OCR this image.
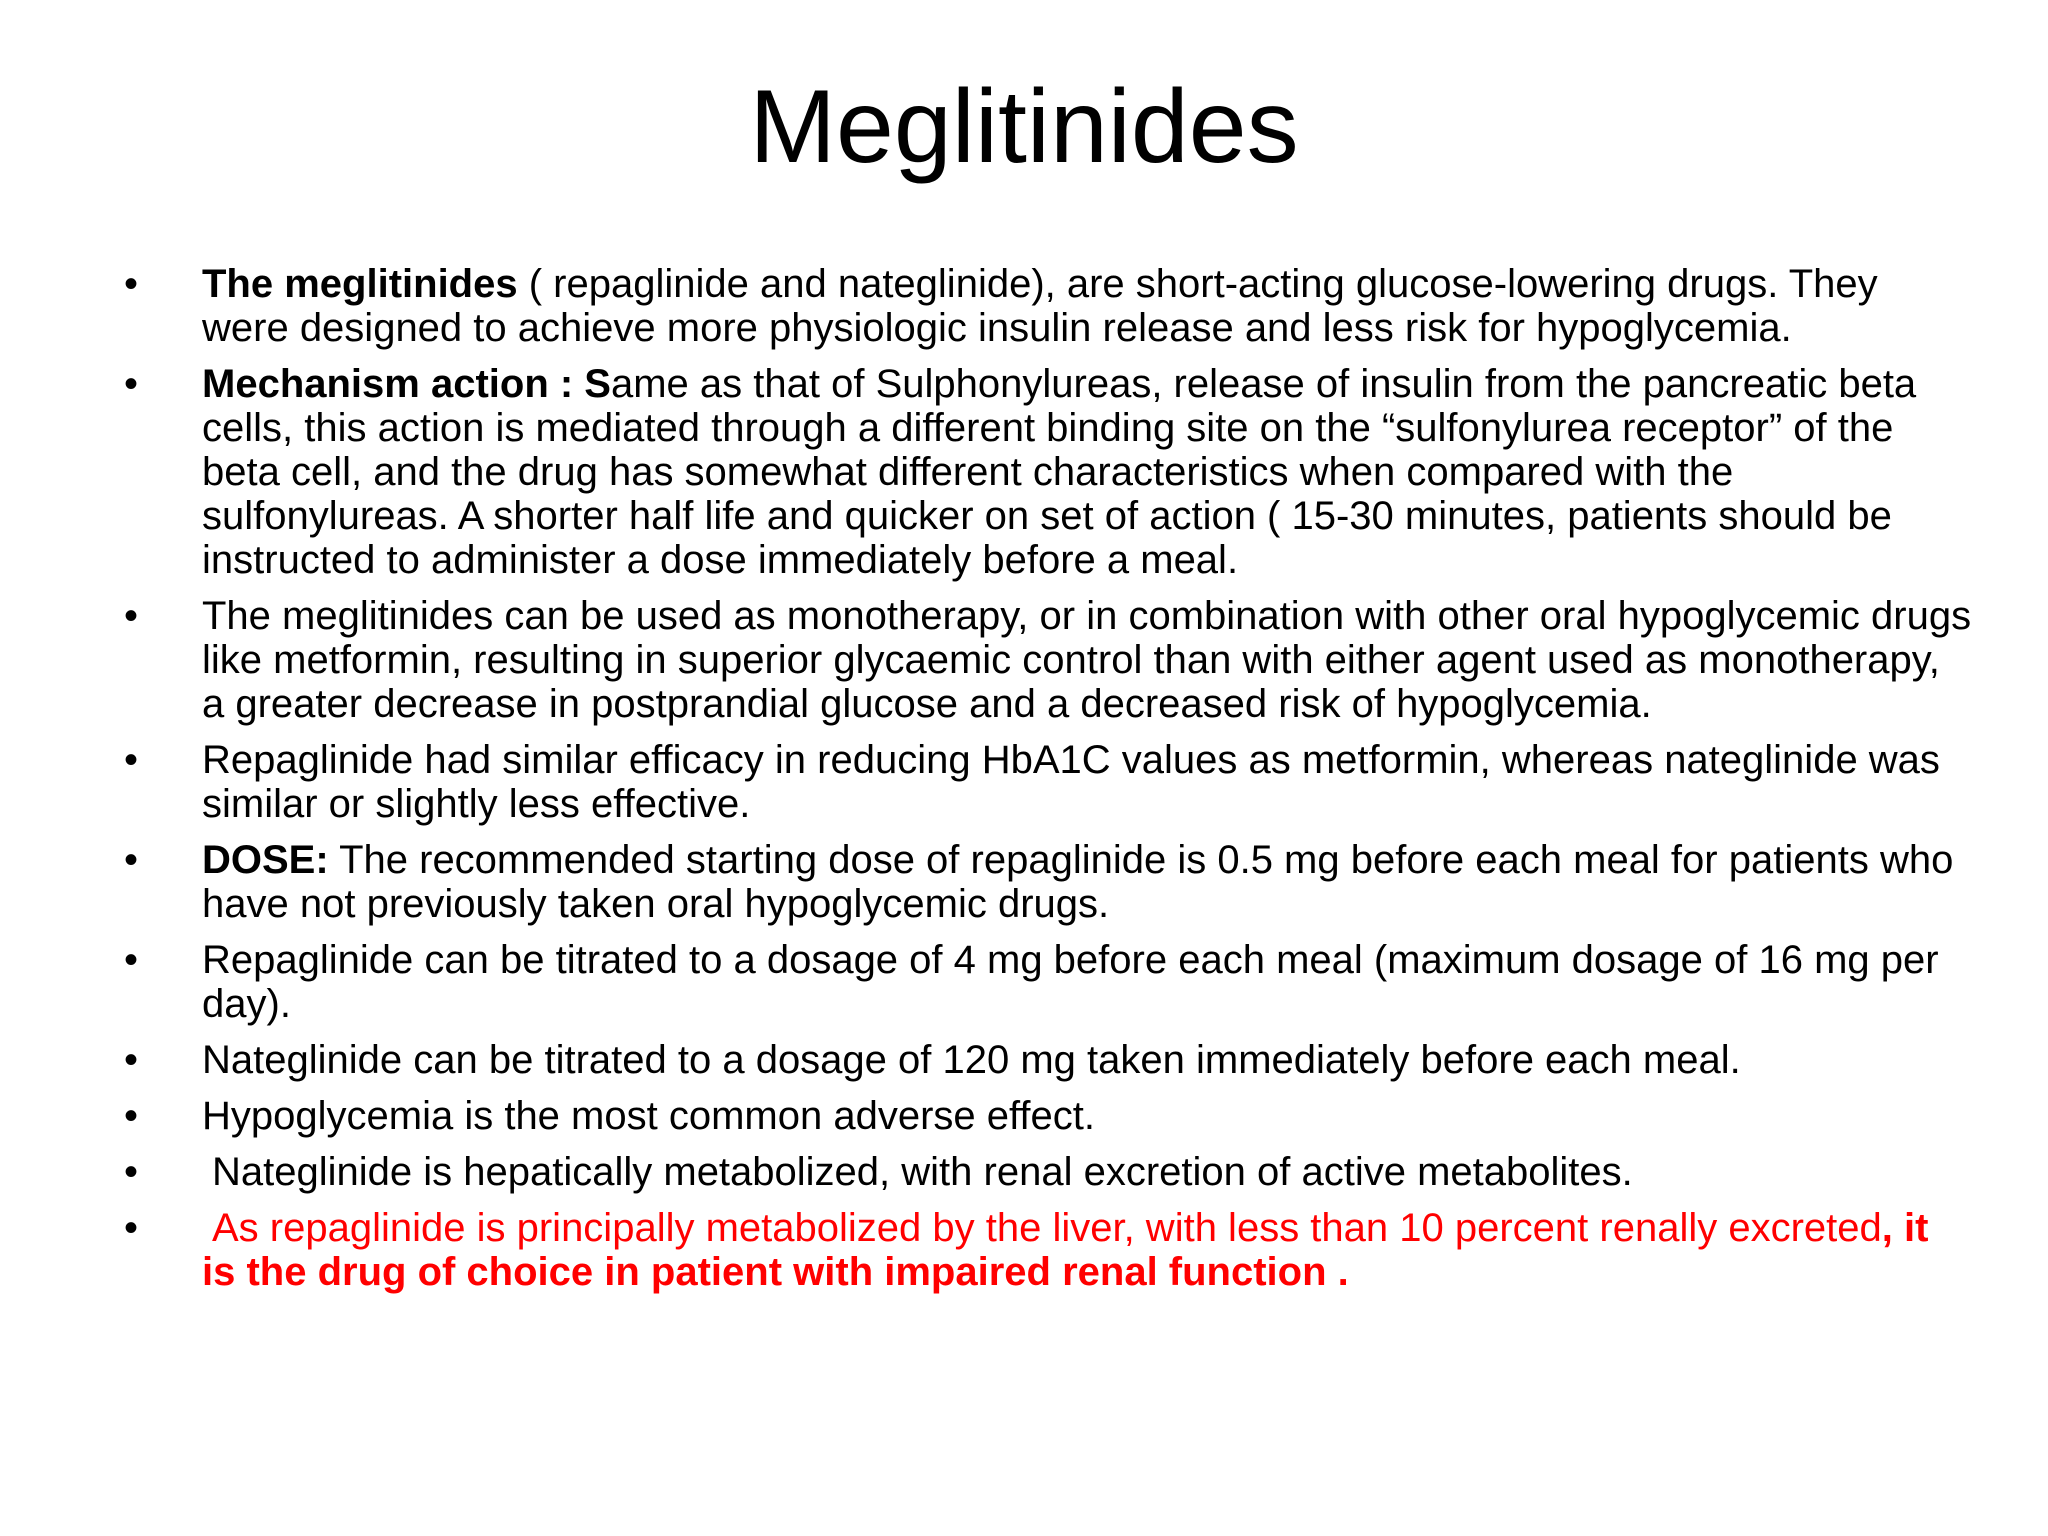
Meglitinides
• The meglitinides ( repaglinide and nateglinide), are short-acting glucose-lowering drugs. They were designed to achieve more physiologic insulin release and less risk for hypoglycemia.
• Mechanism action : Same as that of Sulphonylureas, release of insulin from the pancreatic beta cells, this action is mediated through a different binding site on the “sulfonylurea receptor” of the beta cell, and the drug has somewhat different characteristics when compared with the sulfonylureas. A shorter half life and quicker on set of action ( 15-30 minutes, patients should be instructed to administer a dose immediately before a meal.
• The meglitinides can be used as monotherapy, or in combination with other oral hypoglycemic drugs like metformin, resulting in superior glycaemic control than with either agent used as monotherapy, a greater decrease in postprandial glucose and a decreased risk of hypoglycemia.
• Repaglinide had similar efficacy in reducing HbA1C values as metformin, whereas nateglinide was similar or slightly less effective.
• DOSE: The recommended starting dose of repaglinide is 0.5 mg before each meal for patients who have not previously taken oral hypoglycemic drugs.
• Repaglinide can be titrated to a dosage of 4 mg before each meal (maximum dosage of 16 mg per day).
• Nateglinide can be titrated to a dosage of 120 mg taken immediately before each meal.
• Hypoglycemia is the most common adverse effect.
• Nateglinide is hepatically metabolized, with renal excretion of active metabolites.
• As repaglinide is principally metabolized by the liver, with less than 10 percent renally excreted, it is the drug of choice in patient with impaired renal function .
